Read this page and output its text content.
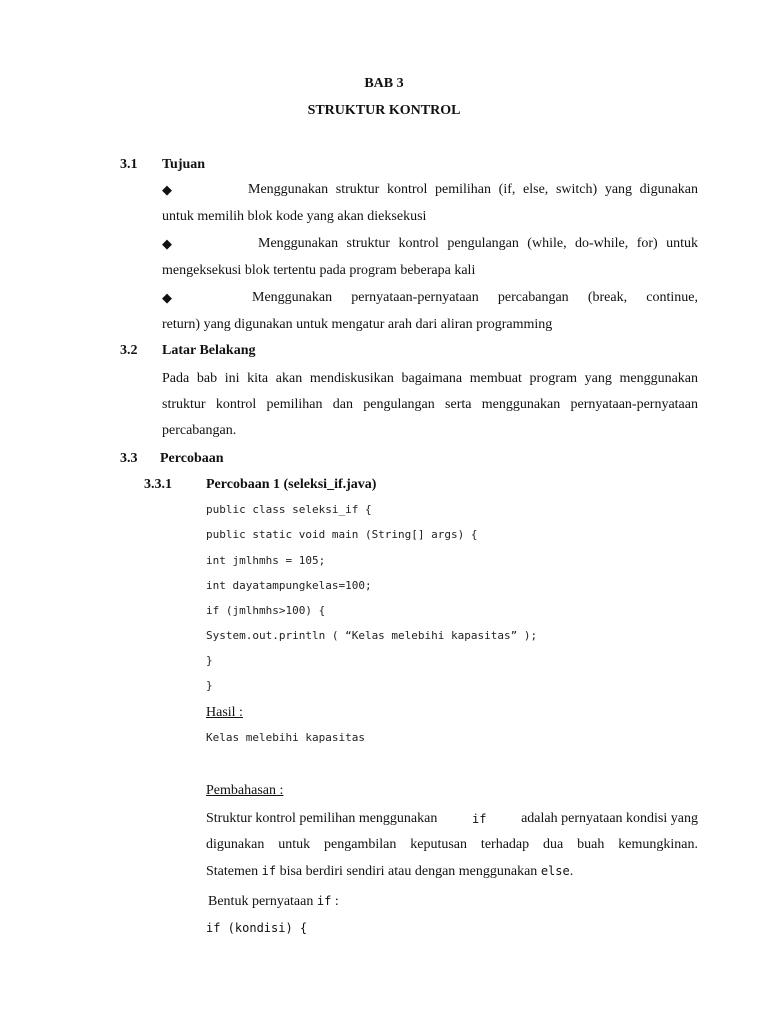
BAB 3
STRUKTUR KONTROL
3.1 Tujuan
◆	Menggunakan struktur kontrol pemilihan (if, else, switch) yang digunakan
untuk memilih blok kode yang akan dieksekusi
◆	Menggunakan struktur kontrol pengulangan (while, do-while, for) untuk
mengeksekusi blok tertentu pada program beberapa kali
◆	Menggunakan pernyataan-pernyataan percabangan (break, continue,
return) yang digunakan untuk mengatur arah dari aliran programming
3.2 Latar Belakang
Pada bab ini kita akan mendiskusikan bagaimana membuat program yang menggunakan
struktur kontrol pemilihan dan pengulangan serta menggunakan pernyataan-pernyataan
percabangan.
3.3 Percobaan
3.3.1 Percobaan 1 (seleksi_if.java)
public class seleksi_if {
public static void main (String[] args) {
int jmlhmhs = 105;
int dayatampungkelas=100;
if (jmlhmhs>100) {
System.out.println ( “Kelas melebihi kapasitas” );
}
}
Hasil :
Kelas melebihi kapasitas
Pembahasan :
Struktur kontrol pemilihan menggunakan	if adalah pernyataan kondisi yang
digunakan untuk pengambilan keputusan terhadap dua buah kemungkinan.
Statemen if bisa berdiri sendiri atau dengan menggunakan else.
Bentuk pernyataan if :
if (kondisi) {
